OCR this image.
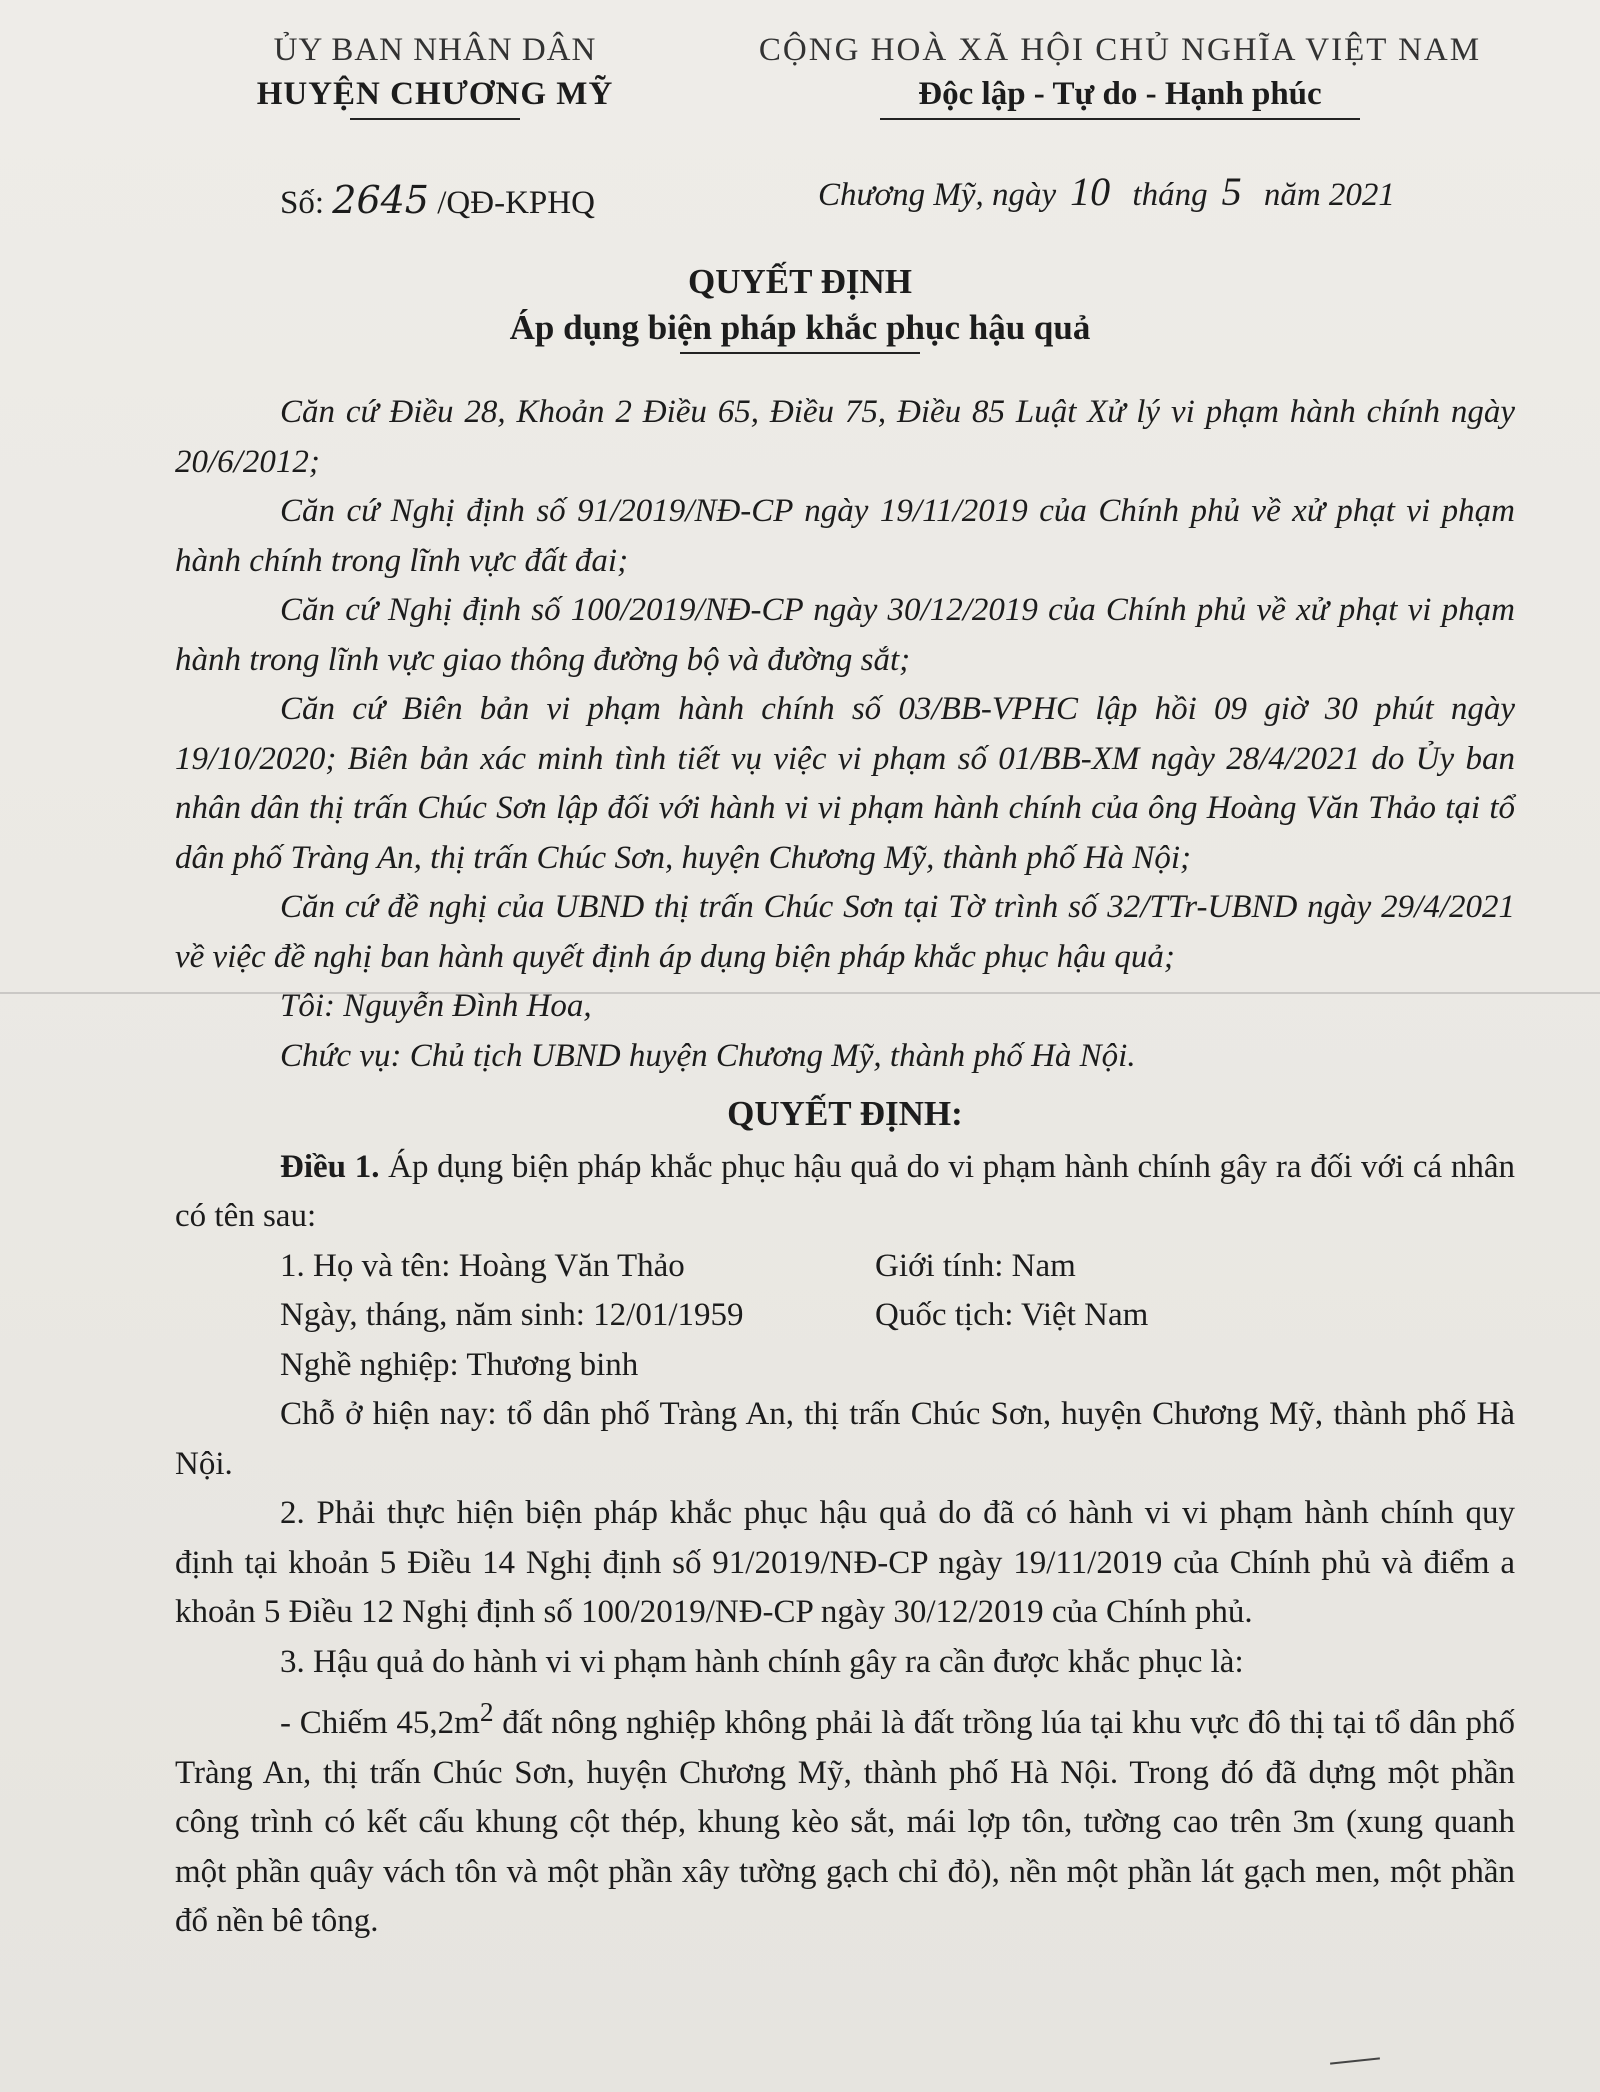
ỦY BAN NHÂN DÂN
HUYỆN CHƯƠNG MỸ
CỘNG HOÀ XÃ HỘI CHỦ NGHĨA VIỆT NAM
Độc lập - Tự do - Hạnh phúc
Số: 2645 /QĐ-KPHQ	Chương Mỹ, ngày 10 tháng 5 năm 2021
QUYẾT ĐỊNH
Áp dụng biện pháp khắc phục hậu quả

Căn cứ Điều 28, Khoản 2 Điều 65, Điều 75, Điều 85 Luật Xử lý vi phạm hành chính ngày 20/6/2012;

Căn cứ Nghị định số 91/2019/NĐ-CP ngày 19/11/2019 của Chính phủ về xử phạt vi phạm hành chính trong lĩnh vực đất đai;

Căn cứ Nghị định số 100/2019/NĐ-CP ngày 30/12/2019 của Chính phủ về xử phạt vi phạm hành trong lĩnh vực giao thông đường bộ và đường sắt;

Căn cứ Biên bản vi phạm hành chính số 03/BB-VPHC lập hồi 09 giờ 30 phút ngày 19/10/2020; Biên bản xác minh tình tiết vụ việc vi phạm số 01/BB-XM ngày 28/4/2021 do Ủy ban nhân dân thị trấn Chúc Sơn lập đối với hành vi vi phạm hành chính của ông Hoàng Văn Thảo tại tổ dân phố Tràng An, thị trấn Chúc Sơn, huyện Chương Mỹ, thành phố Hà Nội;

Căn cứ đề nghị của UBND thị trấn Chúc Sơn tại Tờ trình số 32/TTr-UBND ngày 29/4/2021 về việc đề nghị ban hành quyết định áp dụng biện pháp khắc phục hậu quả;

Tôi: Nguyễn Đình Hoa,

Chức vụ: Chủ tịch UBND huyện Chương Mỹ, thành phố Hà Nội.

QUYẾT ĐỊNH:

Điều 1. Áp dụng biện pháp khắc phục hậu quả do vi phạm hành chính gây ra đối với cá nhân có tên sau:

1. Họ và tên: Hoàng Văn Thảo	Giới tính: Nam
Ngày, tháng, năm sinh: 12/01/1959	Quốc tịch: Việt Nam

Nghề nghiệp: Thương binh

Chỗ ở hiện nay: tổ dân phố Tràng An, thị trấn Chúc Sơn, huyện Chương Mỹ, thành phố Hà Nội.

2. Phải thực hiện biện pháp khắc phục hậu quả do đã có hành vi vi phạm hành chính quy định tại khoản 5 Điều 14 Nghị định số 91/2019/NĐ-CP ngày 19/11/2019 của Chính phủ và điểm a khoản 5 Điều 12 Nghị định số 100/2019/NĐ-CP ngày 30/12/2019 của Chính phủ.

3. Hậu quả do hành vi vi phạm hành chính gây ra cần được khắc phục là:

- Chiếm $45,2m^2$ đất nông nghiệp không phải là đất trồng lúa tại khu vực đô thị tại tổ dân phố Tràng An, thị trấn Chúc Sơn, huyện Chương Mỹ, thành phố Hà Nội. Trong đó đã dựng một phần công trình có kết cấu khung cột thép, khung kèo sắt, mái lợp tôn, tường cao trên 3m (xung quanh một phần quây vách tôn và một phần xây tường gạch chỉ đỏ), nền một phần lát gạch men, một phần đổ nền bê tông.
